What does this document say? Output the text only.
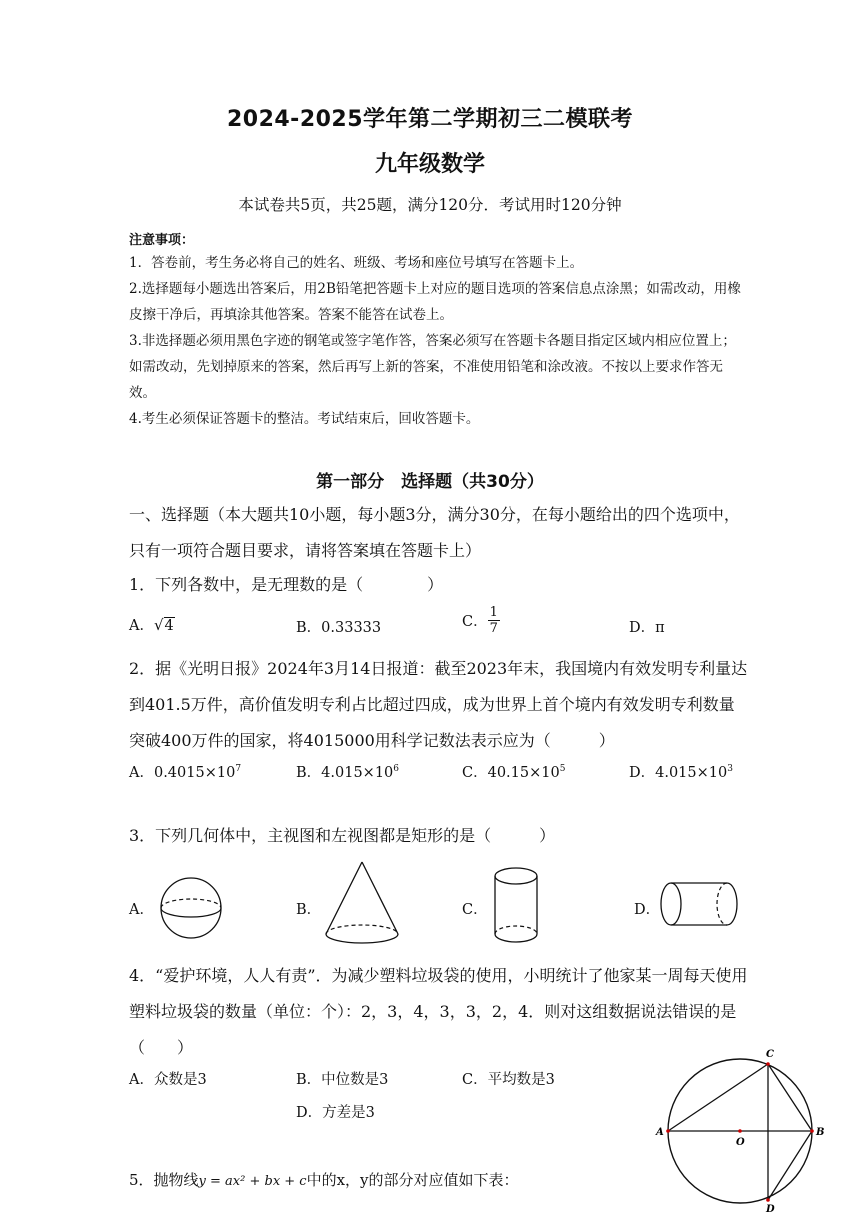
2024-2025学年第二学期初三二模联考
九年级数学
本试卷共5页，共25题，满分120分．考试用时120分钟
注意事项：
1．答卷前，考生务必将自己的姓名、班级、考场和座位号填写在答题卡上。
2.选择题每小题选出答案后，用2B铅笔把答题卡上对应的题目选项的答案信息点涂黑；如需改动，用橡皮擦干净后，再填涂其他答案。答案不能答在试卷上。
3.非选择题必须用黑色字迹的钢笔或签字笔作答，答案必须写在答题卡各题目指定区域内相应位置上；如需改动，先划掉原来的答案，然后再写上新的答案，不准使用铅笔和涂改液。不按以上要求作答无效。
4.考生必须保证答题卡的整洁。考试结束后，回收答题卡。
第一部分　选择题（共30分）
一、选择题（本大题共10小题，每小题3分，满分30分，在每小题给出的四个选项中，只有一项符合题目要求，请将答案填在答题卡上）
1．下列各数中，是无理数的是（　　　　）
A．√4	B．0.33333	C． $\frac{1}{7}$	D．π
2．据《光明日报》2024年3月14日报道：截至2023年末，我国境内有效发明专利量达到401.5万件，高价值发明专利占比超过四成，成为世界上首个境内有效发明专利数量突破400万件的国家，将4015000用科学记数法表示应为（　　　）
A．$0.4015\times 10^7$	B．$4.015\times 10^6$	C．$40.15\times 10^5$	D．$4.015\times 10^3$
3．下列几何体中，主视图和左视图都是矩形的是（　　　）
A．	B．	C．	D．
4．“爱护环境，人人有责”．为减少塑料垃圾袋的使用，小明统计了他家某一周每天使用塑料垃圾袋的数量（单位：个）：2，3，4，3，3，2，4．则对这组数据说法错误的是（　　）
A．众数是3	B．中位数是3	C．平均数是3
D．方差是3
5．抛物线y = ax² + bx + c中的x，y的部分对应值如下表：
A	B
C
D
O
